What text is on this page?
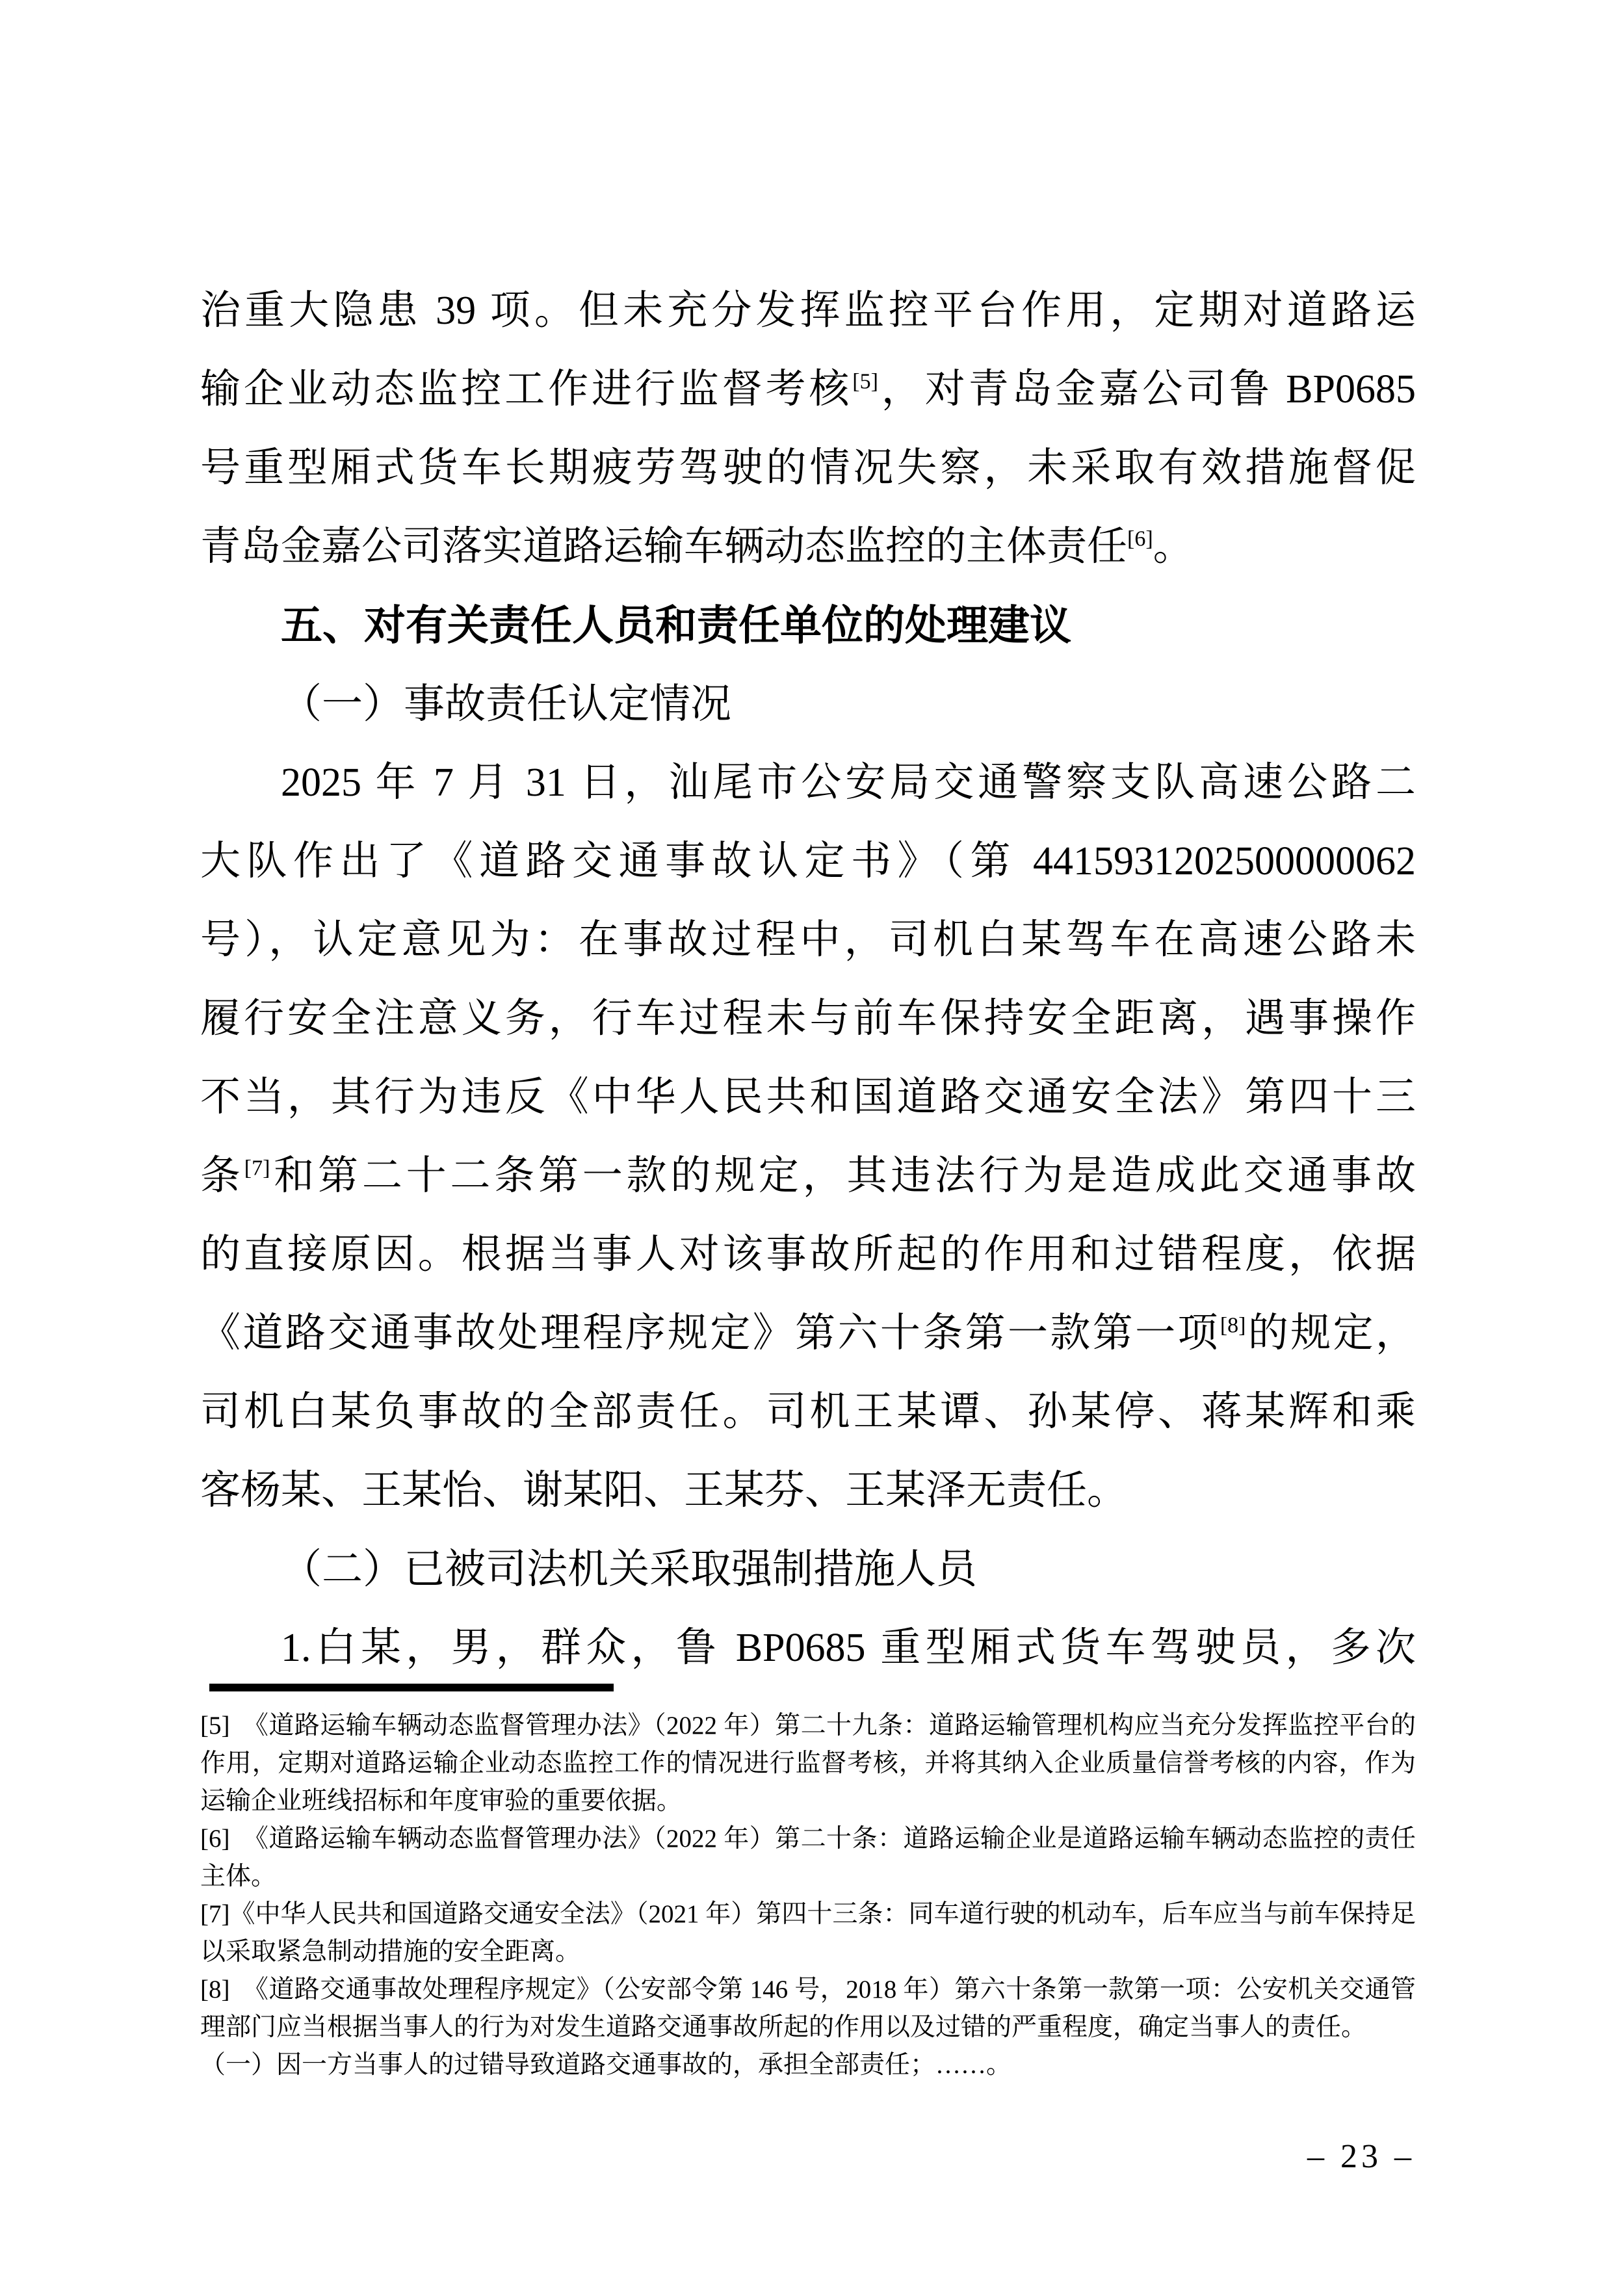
治重大隐患 39 项。但未充分发挥监控平台作用，定期对道路运
输企业动态监控工作进行监督考核[5]，对青岛金嘉公司鲁 BP0685
号重型厢式货车长期疲劳驾驶的情况失察，未采取有效措施督促
青岛金嘉公司落实道路运输车辆动态监控的主体责任[6]。
五、对有关责任人员和责任单位的处理建议
（一）事故责任认定情况
2025 年 7 月 31 日，汕尾市公安局交通警察支队高速公路二
大队作出了《道路交通事故认定书》（第 4415931202500000062
号），认定意见为：在事故过程中，司机白某驾车在高速公路未
履行安全注意义务，行车过程未与前车保持安全距离，遇事操作
不当，其行为违反《中华人民共和国道路交通安全法》第四十三
条[7]和第二十二条第一款的规定，其违法行为是造成此交通事故
的直接原因。根据当事人对该事故所起的作用和过错程度，依据
《道路交通事故处理程序规定》第六十条第一款第一项[8]的规定，
司机白某负事故的全部责任。司机王某谭、孙某停、蒋某辉和乘
客杨某、王某怡、谢某阳、王某芬、王某泽无责任。
（二）已被司法机关采取强制措施人员
1.白某，男，群众，鲁 BP0685 重型厢式货车驾驶员，多次
[5]　《道路运输车辆动态监督管理办法》（2022 年）第二十九条：道路运输管理机构应当充分发挥监控平台的作用，定期对道路运输企业动态监控工作的情况进行监督考核，并将其纳入企业质量信誉考核的内容，作为运输企业班线招标和年度审验的重要依据。
[6]　《道路运输车辆动态监督管理办法》（2022 年）第二十条：道路运输企业是道路运输车辆动态监控的责任主体。
[7]《中华人民共和国道路交通安全法》（2021 年）第四十三条：同车道行驶的机动车，后车应当与前车保持足以采取紧急制动措施的安全距离。
[8]　《道路交通事故处理程序规定》（公安部令第 146 号，2018 年）第六十条第一款第一项：公安机关交通管理部门应当根据当事人的行为对发生道路交通事故所起的作用以及过错的严重程度，确定当事人的责任。
（一）因一方当事人的过错导致道路交通事故的，承担全部责任；……。
– 23 –
